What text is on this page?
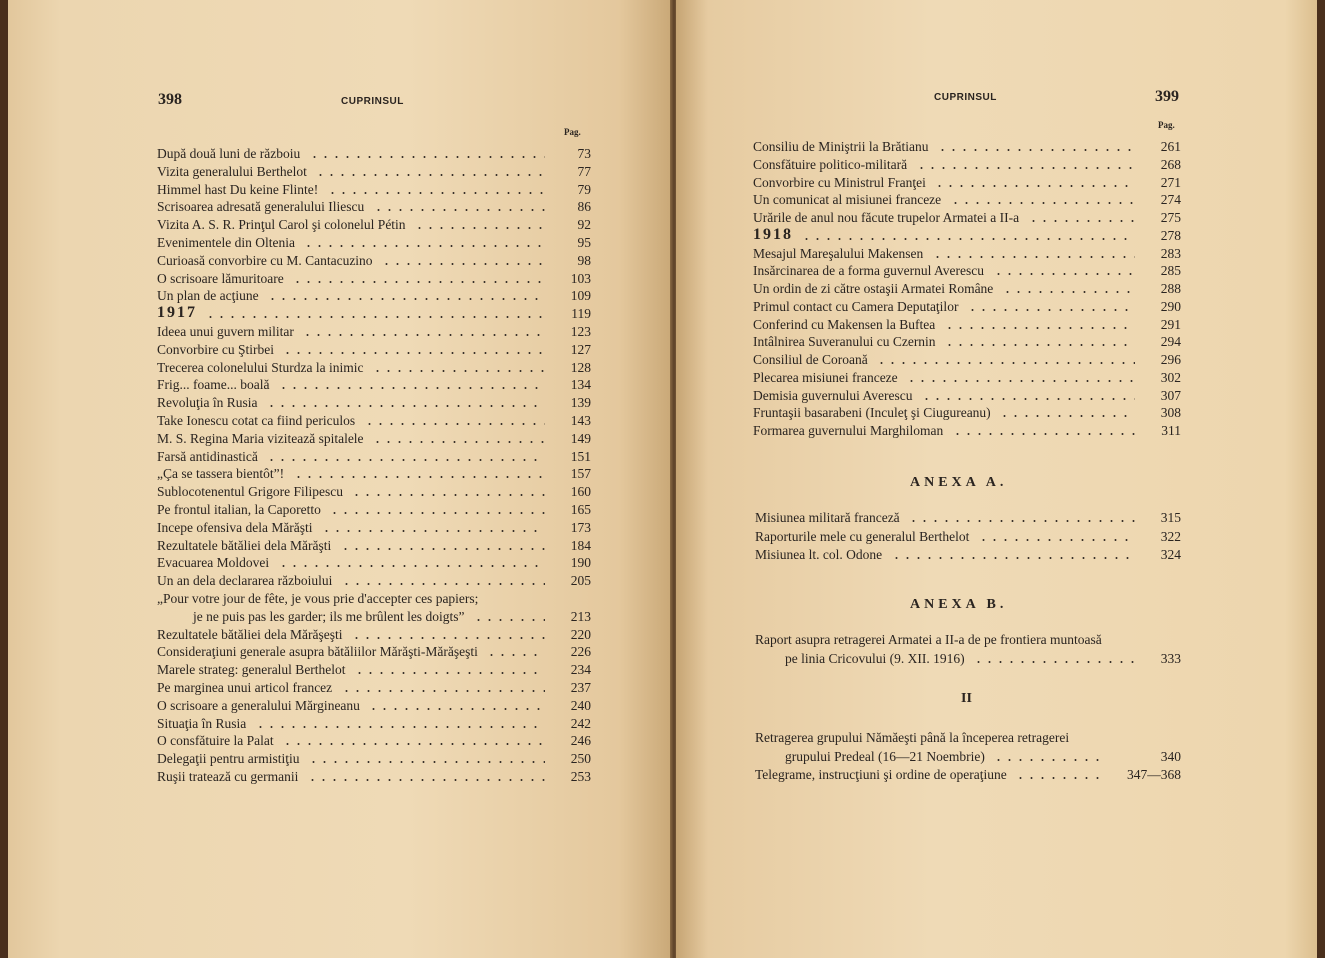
398	CUPRINSUL
Pag.
După două luni de războiu	73
Vizita generalului Berthelot	77
Himmel hast Du keine Flinte!	79
Scrisoarea adresată generalului Iliescu	86
Vizita A. S. R. Prinţul Carol şi colonelul Pétin	92
Evenimentele din Oltenia	95
Curioasă convorbire cu M. Cantacuzino	98
O scrisoare lămuritoare	103
Un plan de acţiune	109
1917	119
Ideea unui guvern militar	123
Convorbire cu Ştirbei	127
Trecerea colonelului Sturdza la inimic	128
Frig... foame... boală	134
Revoluţia în Rusia	139
Take Ionescu cotat ca fiind periculos	143
M. S. Regina Maria vizitează spitalele	149
Farsă antidinastică	151
„Ça se tassera bientôt”!	157
Sublocotenentul Grigore Filipescu	160
Pe frontul italian, la Caporetto	165
Incepe ofensiva dela Mărăşti	173
Rezultatele bătăliei dela Mărăşti	184
Evacuarea Moldovei	190
Un an dela declararea războiului	205
„Pour votre jour de fête, je vous prie d'accepter ces papiers;
je ne puis pas les garder; ils me brûlent les doigts”	213
Rezultatele bătăliei dela Mărăşeşti	220
Consideraţiuni generale asupra bătăliilor Mărăşti-Mărăşeşti	226
Marele strateg: generalul Berthelot	234
Pe marginea unui articol francez	237
O scrisoare a generalului Mărgineanu	240
Situaţia în Rusia	242
O consfătuire la Palat	246
Delegaţii pentru armistiţiu	250
Ruşii tratează cu germanii	253
CUPRINSUL	399
Pag.
Consiliu de Miniştrii la Brătianu	261
Consfătuire politico-militară	268
Convorbire cu Ministrul Franţei	271
Un comunicat al misiunei franceze	274
Urările de anul nou făcute trupelor Armatei a II-a	275
1918	278
Mesajul Mareşalului Makensen	283
Insărcinarea de a forma guvernul Averescu	285
Un ordin de zi către ostaşii Armatei Române	288
Primul contact cu Camera Deputaţilor	290
Conferind cu Makensen la Buftea	291
Intâlnirea Suveranului cu Czernin	294
Consiliul de Coroană	296
Plecarea misiunei franceze	302
Demisia guvernului Averescu	307
Fruntaşii basarabeni (Inculeţ şi Ciugureanu)	308
Formarea guvernului Marghiloman	311
ANEXA A.
Misiunea militară franceză	315
Raporturile mele cu generalul Berthelot	322
Misiunea lt. col. Odone	324
ANEXA B.
Raport asupra retragerei Armatei a II-a de pe frontiera muntoasă
pe linia Cricovului (9. XII. 1916)	333
II
Retragerea grupului Nămăeşti până la începerea retragerei
grupului Predeal (16—21 Noembrie)	340
Telegrame, instrucţiuni şi ordine de operaţiune	347—368
